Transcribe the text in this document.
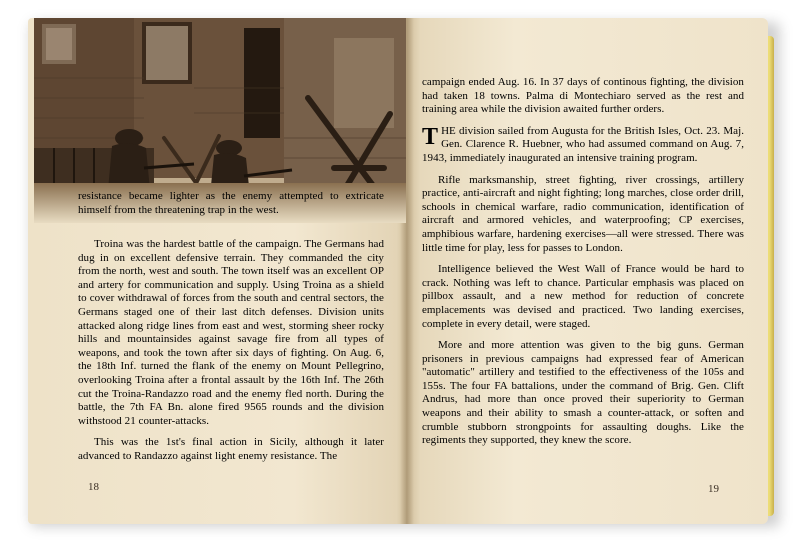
resistance became lighter as the enemy attempted to extricate himself from the threatening trap in the west.

Troina was the hardest battle of the campaign. The Germans had dug in on excellent defensive terrain. They commanded the city from the north, west and south. The town itself was an excellent OP and artery for communication and supply. Using Troina as a shield to cover withdrawal of forces from the south and central sectors, the Germans staged one of their last ditch defenses. Division units attacked along ridge lines from east and west, storming sheer rocky hills and mountainsides against savage fire from all types of weapons, and took the town after six days of fighting. On Aug. 6, the 18th Inf. turned the flank of the enemy on Mount Pellegrino, overlooking Troina after a frontal assault by the 16th Inf. The 26th cut the Troina-Randazzo road and the enemy fled north. During the battle, the 7th FA Bn. alone fired 9565 rounds and the division withstood 21 counter-attacks.

This was the 1st's final action in Sicily, although it later advanced to Randazzo against light enemy resistance. The

18

campaign ended Aug. 16. In 37 days of continous fighting, the division had taken 18 towns. Palma di Montechiaro served as the rest and training area while the division awaited further orders.

THE division sailed from Augusta for the British Isles, Oct. 23. Maj. Gen. Clarence R. Huebner, who had assumed command on Aug. 7, 1943, immediately inaugurated an intensive training program.

Rifle marksmanship, street fighting, river crossings, artillery practice, anti-aircraft and night fighting; long marches, close order drill, schools in chemical warfare, radio communication, identification of aircraft and armored vehicles, and waterproofing; CP exercises, amphibious warfare, hardening exercises—all were stressed. There was little time for play, less for passes to London.

Intelligence believed the West Wall of France would be hard to crack. Nothing was left to chance. Particular emphasis was placed on pillbox assault, and a new method for reduction of concrete emplacements was devised and practiced. Two landing exercises, complete in every detail, were staged.

More and more attention was given to the big guns. German prisoners in previous campaigns had expressed fear of American "automatic" artillery and testified to the effectiveness of the 105s and 155s. The four FA battalions, under the command of Brig. Gen. Clift Andrus, had more than once proved their superiority to German weapons and their ability to smash a counter-attack, or soften and crumble stubborn strongpoints for assaulting doughs. Like the regiments they supported, they knew the score.

19
